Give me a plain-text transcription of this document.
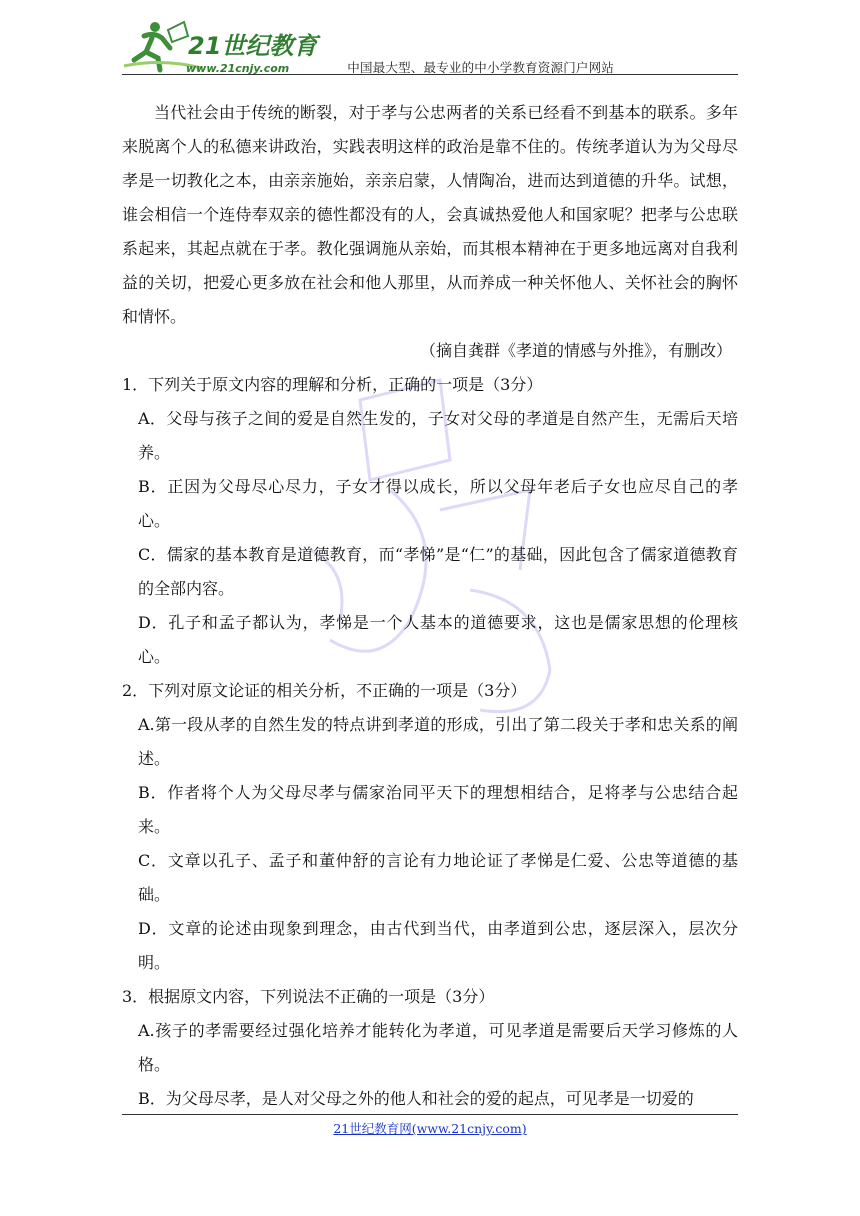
21世纪教育
www.21cnjy.com	中国最大型、最专业的中小学教育资源门户网站

当代社会由于传统的断裂，对于孝与公忠两者的关系已经看不到基本的联系。多年来脱离个人的私德来讲政治，实践表明这样的政治是靠不住的。传统孝道认为为父母尽孝是一切教化之本，由亲亲施始，亲亲启蒙，人情陶冶，进而达到道德的升华。试想，谁会相信一个连侍奉双亲的德性都没有的人，会真诚热爱他人和国家呢？把孝与公忠联系起来，其起点就在于孝。教化强调施从亲始，而其根本精神在于更多地远离对自我利益的关切，把爱心更多放在社会和他人那里，从而养成一种关怀他人、关怀社会的胸怀和情怀。

（摘自龚群《孝道的情感与外推》，有删改）

1．下列关于原文内容的理解和分析，正确的一项是（3分）

A．父母与孩子之间的爱是自然生发的，子女对父母的孝道是自然产生，无需后天培养。

B．正因为父母尽心尽力，子女才得以成长，所以父母年老后子女也应尽自己的孝心。

C．儒家的基本教育是道德教育，而“孝悌”是“仁”的基础，因此包含了儒家道德教育的全部内容。

D．孔子和孟子都认为，孝悌是一个人基本的道德要求，这也是儒家思想的伦理核心。

2．下列对原文论证的相关分析，不正确的一项是（3分）

A.第一段从孝的自然生发的特点讲到孝道的形成，引出了第二段关于孝和忠关系的阐述。

B．作者将个人为父母尽孝与儒家治同平天下的理想相结合，足将孝与公忠结合起来。

C．文章以孔子、孟子和董仲舒的言论有力地论证了孝悌是仁爱、公忠等道德的基础。

D．文章的论述由现象到理念，由古代到当代，由孝道到公忠，逐层深入，层次分明。

3．根据原文内容，下列说法不正确的一项是（3分）

A.孩子的孝需要经过强化培养才能转化为孝道，可见孝道是需要后天学习修炼的人格。

B．为父母尽孝，是人对父母之外的他人和社会的爱的起点，可见孝是一切爱的

21世纪教育网(www.21cnjy.com)
